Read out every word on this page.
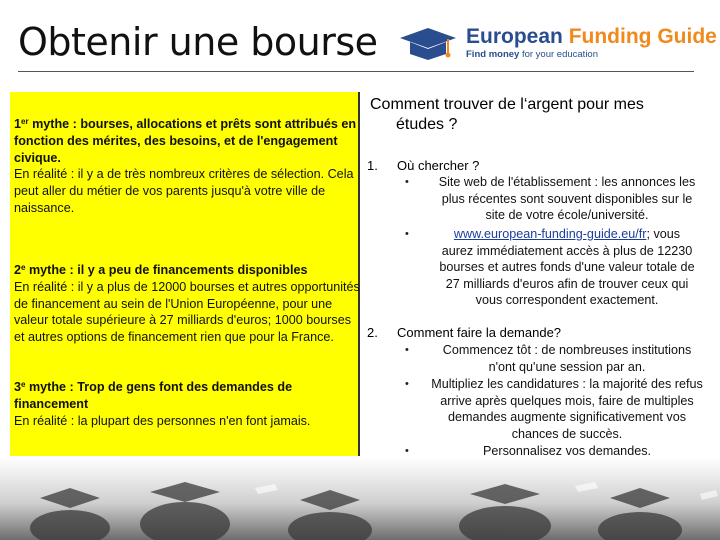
Obtenir une bourse	European Funding Guide
Find money for your education
1er mythe : bourses, allocations et prêts sont attribués en fonction des mérites, des besoins, et de l'engagement civique.
En réalité : il y a de très nombreux critères de sélection. Cela peut aller du métier de vos parents jusqu'à votre ville de naissance.
2e mythe : il y a peu de financements disponibles
En réalité : il y a plus de 12000 bourses et autres opportunités de financement au sein de l'Union Européenne, pour une valeur totale supérieure à 27 milliards d'euros; 1000 bourses et autres options de financement rien que pour la France.
3e mythe : Trop de gens font des demandes de financement
En réalité : la plupart des personnes n'en font jamais.
Comment trouver de l‘argent pour mes
études ?
1. Où chercher ?
•	Site web de l'établissement : les annonces les plus récentes sont souvent disponibles sur le site de votre école/université.
•	www.european-funding-guide.eu/fr; vous
aurez immédiatement accès à plus de 12230 bourses et autres fonds d'une valeur totale de 27 milliards d'euros afin de trouver ceux qui vous correspondent exactement.
2. Comment faire la demande?
•	Commencez tôt : de nombreuses institutions n'ont qu'une session par an.
• Multipliez les candidatures : la majorité des refus arrive après quelques mois, faire de multiples demandes augmente significativement vos chances de succès.
•	Personnalisez vos demandes.
